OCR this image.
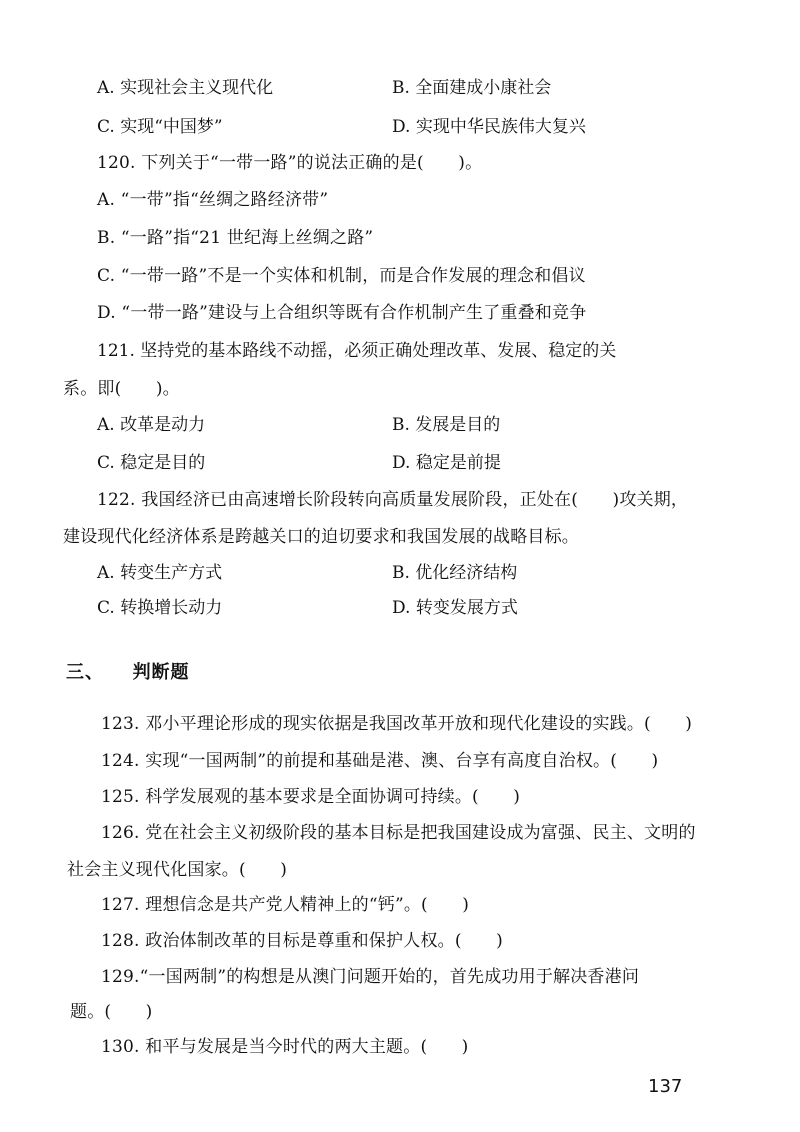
A. 实现社会主义现代化	B. 全面建成小康社会
C. 实现“中国梦”	D. 实现中华民族伟大复兴
120. 下列关于“一带一路”的说法正确的是(　　)。
A. “一带”指“丝绸之路经济带”
B. “一路”指“21 世纪海上丝绸之路”
C. “一带一路”不是一个实体和机制，而是合作发展的理念和倡议
D. “一带一路”建设与上合组织等既有合作机制产生了重叠和竞争
121. 坚持党的基本路线不动摇，必须正确处理改革、发展、稳定的关
系。即(　　)。
A. 改革是动力	B. 发展是目的
C. 稳定是目的	D. 稳定是前提
122. 我国经济已由高速增长阶段转向高质量发展阶段，正处在(　　)攻关期，
建设现代化经济体系是跨越关口的迫切要求和我国发展的战略目标。
A. 转变生产方式	B. 优化经济结构
C. 转换增长动力	D. 转变发展方式
三、 判断题
123. 邓小平理论形成的现实依据是我国改革开放和现代化建设的实践。(　　)
124. 实现“一国两制”的前提和基础是港、澳、台享有高度自治权。(　　)
125. 科学发展观的基本要求是全面协调可持续。(　　)
126. 党在社会主义初级阶段的基本目标是把我国建设成为富强、民主、文明的
社会主义现代化国家。(　　)
127. 理想信念是共产党人精神上的“钙”。(　　)
128. 政治体制改革的目标是尊重和保护人权。(　　)
129.“一国两制”的构想是从澳门问题开始的，首先成功用于解决香港问
题。(　　)
130. 和平与发展是当今时代的两大主题。(　　)
137
